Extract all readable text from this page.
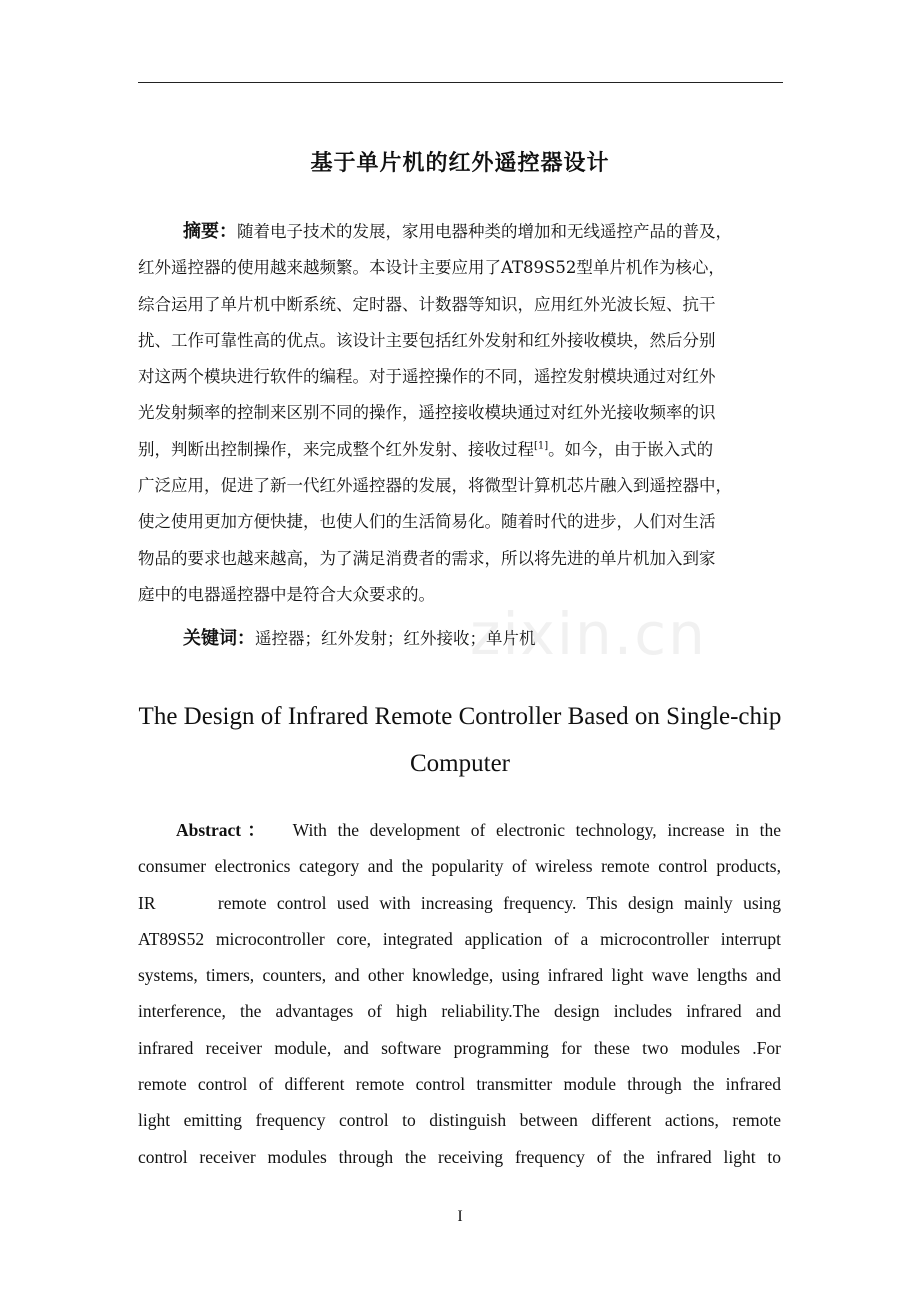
基于单片机的红外遥控器设计
摘要：随着电子技术的发展，家用电器种类的增加和无线遥控产品的普及，
红外遥控器的使用越来越频繁。本设计主要应用了AT89S52型单片机作为核心，
综合运用了单片机中断系统、定时器、计数器等知识，应用红外光波长短、抗干
扰、工作可靠性高的优点。该设计主要包括红外发射和红外接收模块，然后分别
对这两个模块进行软件的编程。对于遥控操作的不同，遥控发射模块通过对红外
光发射频率的控制来区别不同的操作，遥控接收模块通过对红外光接收频率的识
别，判断出控制操作，来完成整个红外发射、接收过程[1]。如今，由于嵌入式的
广泛应用，促进了新一代红外遥控器的发展，将微型计算机芯片融入到遥控器中，
使之使用更加方便快捷，也使人们的生活简易化。随着时代的进步，人们对生活
物品的要求也越来越高，为了满足消费者的需求，所以将先进的单片机加入到家
庭中的电器遥控器中是符合大众要求的。
关键词：遥控器；红外发射；红外接收；单片机
zixin.cn
The Design of Infrared Remote Controller Based on Single-chip
Computer
Abstract： With the development of electronic technology, increase in the
consumer electronics category and the popularity of wireless remote control products,
IR      remote control used with increasing frequency. This design mainly using
AT89S52 microcontroller core, integrated application of a microcontroller interrupt
systems, timers, counters, and other knowledge, using infrared light wave lengths and
interference, the advantages of high reliability.The design includes infrared and
infrared receiver module, and software programming for these two modules .For
remote control of different remote control transmitter module through the infrared
light emitting frequency control to distinguish between different actions, remote
control receiver modules through the receiving frequency of the infrared light to
I
